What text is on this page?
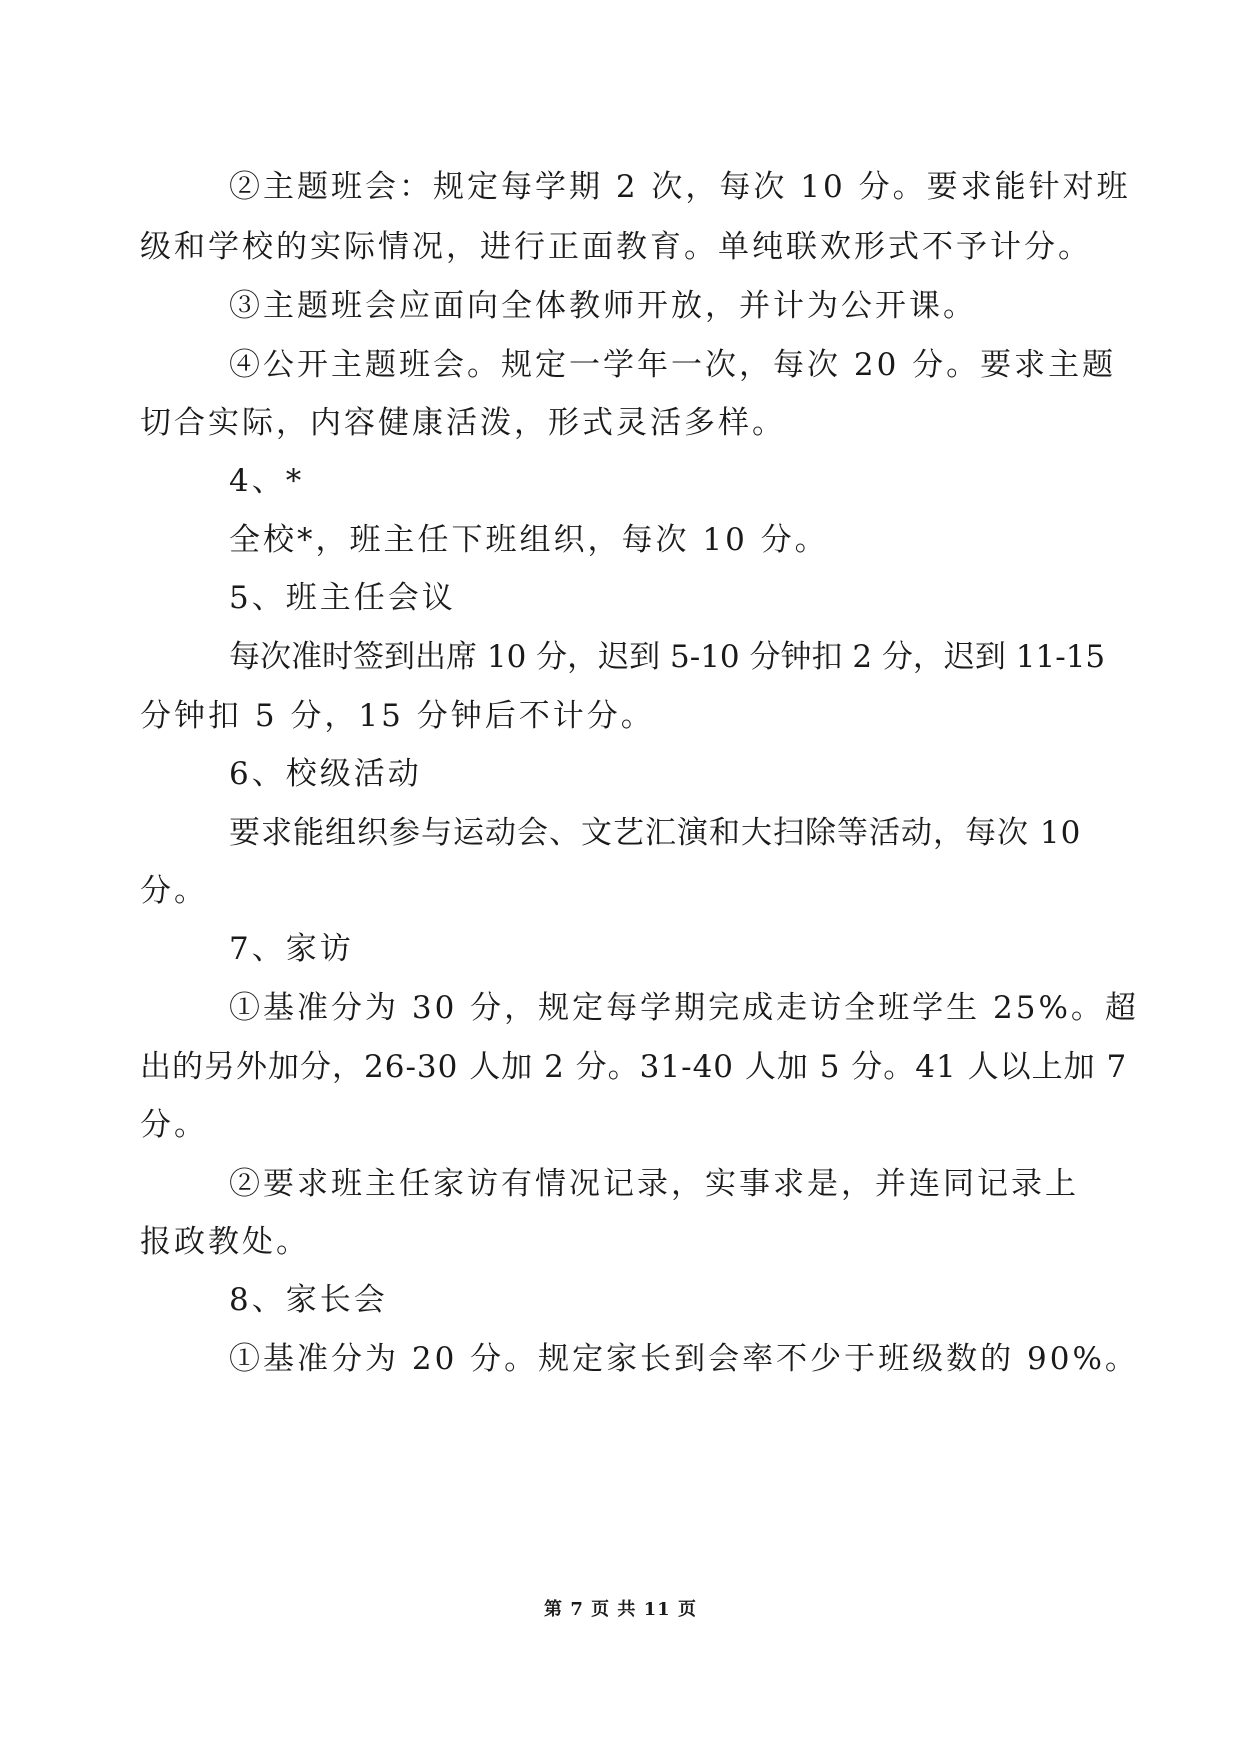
②主题班会：规定每学期 2 次，每次 10 分。要求能针对班
级和学校的实际情况，进行正面教育。单纯联欢形式不予计分。
③主题班会应面向全体教师开放，并计为公开课。
④公开主题班会。规定一学年一次，每次 20 分。要求主题
切合实际，内容健康活泼，形式灵活多样。
4、*
全校*，班主任下班组织，每次 10 分。
5、班主任会议
每次准时签到出席 10 分，迟到 5-10 分钟扣 2 分，迟到 11-15
分钟扣 5 分，15 分钟后不计分。
6、校级活动
要求能组织参与运动会、文艺汇演和大扫除等活动，每次 10
分。
7、家访
①基准分为 30 分，规定每学期完成走访全班学生 25%。超
出的另外加分，26-30 人加 2 分。31-40 人加 5 分。41 人以上加 7
分。
②要求班主任家访有情况记录，实事求是，并连同记录上
报政教处。
8、家长会
①基准分为 20 分。规定家长到会率不少于班级数的 90%。
第 7 页 共 11 页
